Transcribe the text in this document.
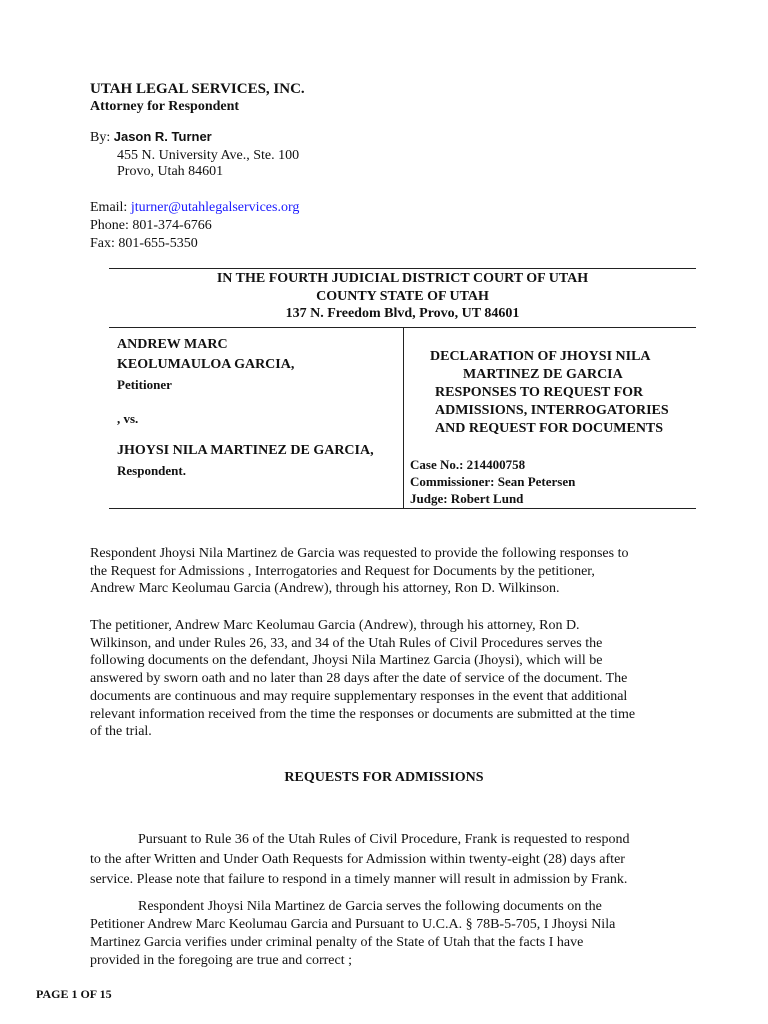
UTAH LEGAL SERVICES, INC.
Attorney for Respondent
By: Jason R. Turner
455 N. University Ave., Ste. 100
Provo, Utah 84601
Email: jturner@utahlegalservices.org
Phone: 801-374-6766
Fax: 801-655-5350
IN THE FOURTH JUDICIAL DISTRICT COURT OF UTAH
COUNTY STATE OF UTAH
137 N. Freedom Blvd, Provo, UT 84601
ANDREW MARC
KEOLUMAULOA GARCIA,
Petitioner
, vs.
JHOYSI NILA MARTINEZ DE GARCIA,
Respondent.
DECLARATION OF JHOYSI NILA
MARTINEZ DE GARCIA
RESPONSES TO REQUEST FOR
ADMISSIONS, INTERROGATORIES
AND REQUEST FOR DOCUMENTS
Case No.: 214400758
Commissioner: Sean Petersen
Judge: Robert Lund
Respondent Jhoysi Nila Martinez de Garcia was requested to provide the following responses to
the Request for Admissions , Interrogatories and Request for Documents by the petitioner,
Andrew Marc Keolumau Garcia (Andrew), through his attorney, Ron D. Wilkinson.
The petitioner, Andrew Marc Keolumau Garcia (Andrew), through his attorney, Ron D.
Wilkinson, and under Rules 26, 33, and 34 of the Utah Rules of Civil Procedures serves the
following documents on the defendant, Jhoysi Nila Martinez Garcia (Jhoysi), which will be
answered by sworn oath and no later than 28 days after the date of service of the document. The
documents are continuous and may require supplementary responses in the event that additional
relevant information received from the time the responses or documents are submitted at the time
of the trial.
REQUESTS FOR ADMISSIONS
Pursuant to Rule 36 of the Utah Rules of Civil Procedure, Frank is requested to respond
to the after Written and Under Oath Requests for Admission within twenty-eight (28) days after
service. Please note that failure to respond in a timely manner will result in admission by Frank.
Respondent Jhoysi Nila Martinez de Garcia serves the following documents on the
Petitioner Andrew Marc Keolumau Garcia and Pursuant to U.C.A. § 78B-5-705, I Jhoysi Nila
Martinez Garcia verifies under criminal penalty of the State of Utah that the facts I have
provided in the foregoing are true and correct ;
PAGE 1 OF 15
